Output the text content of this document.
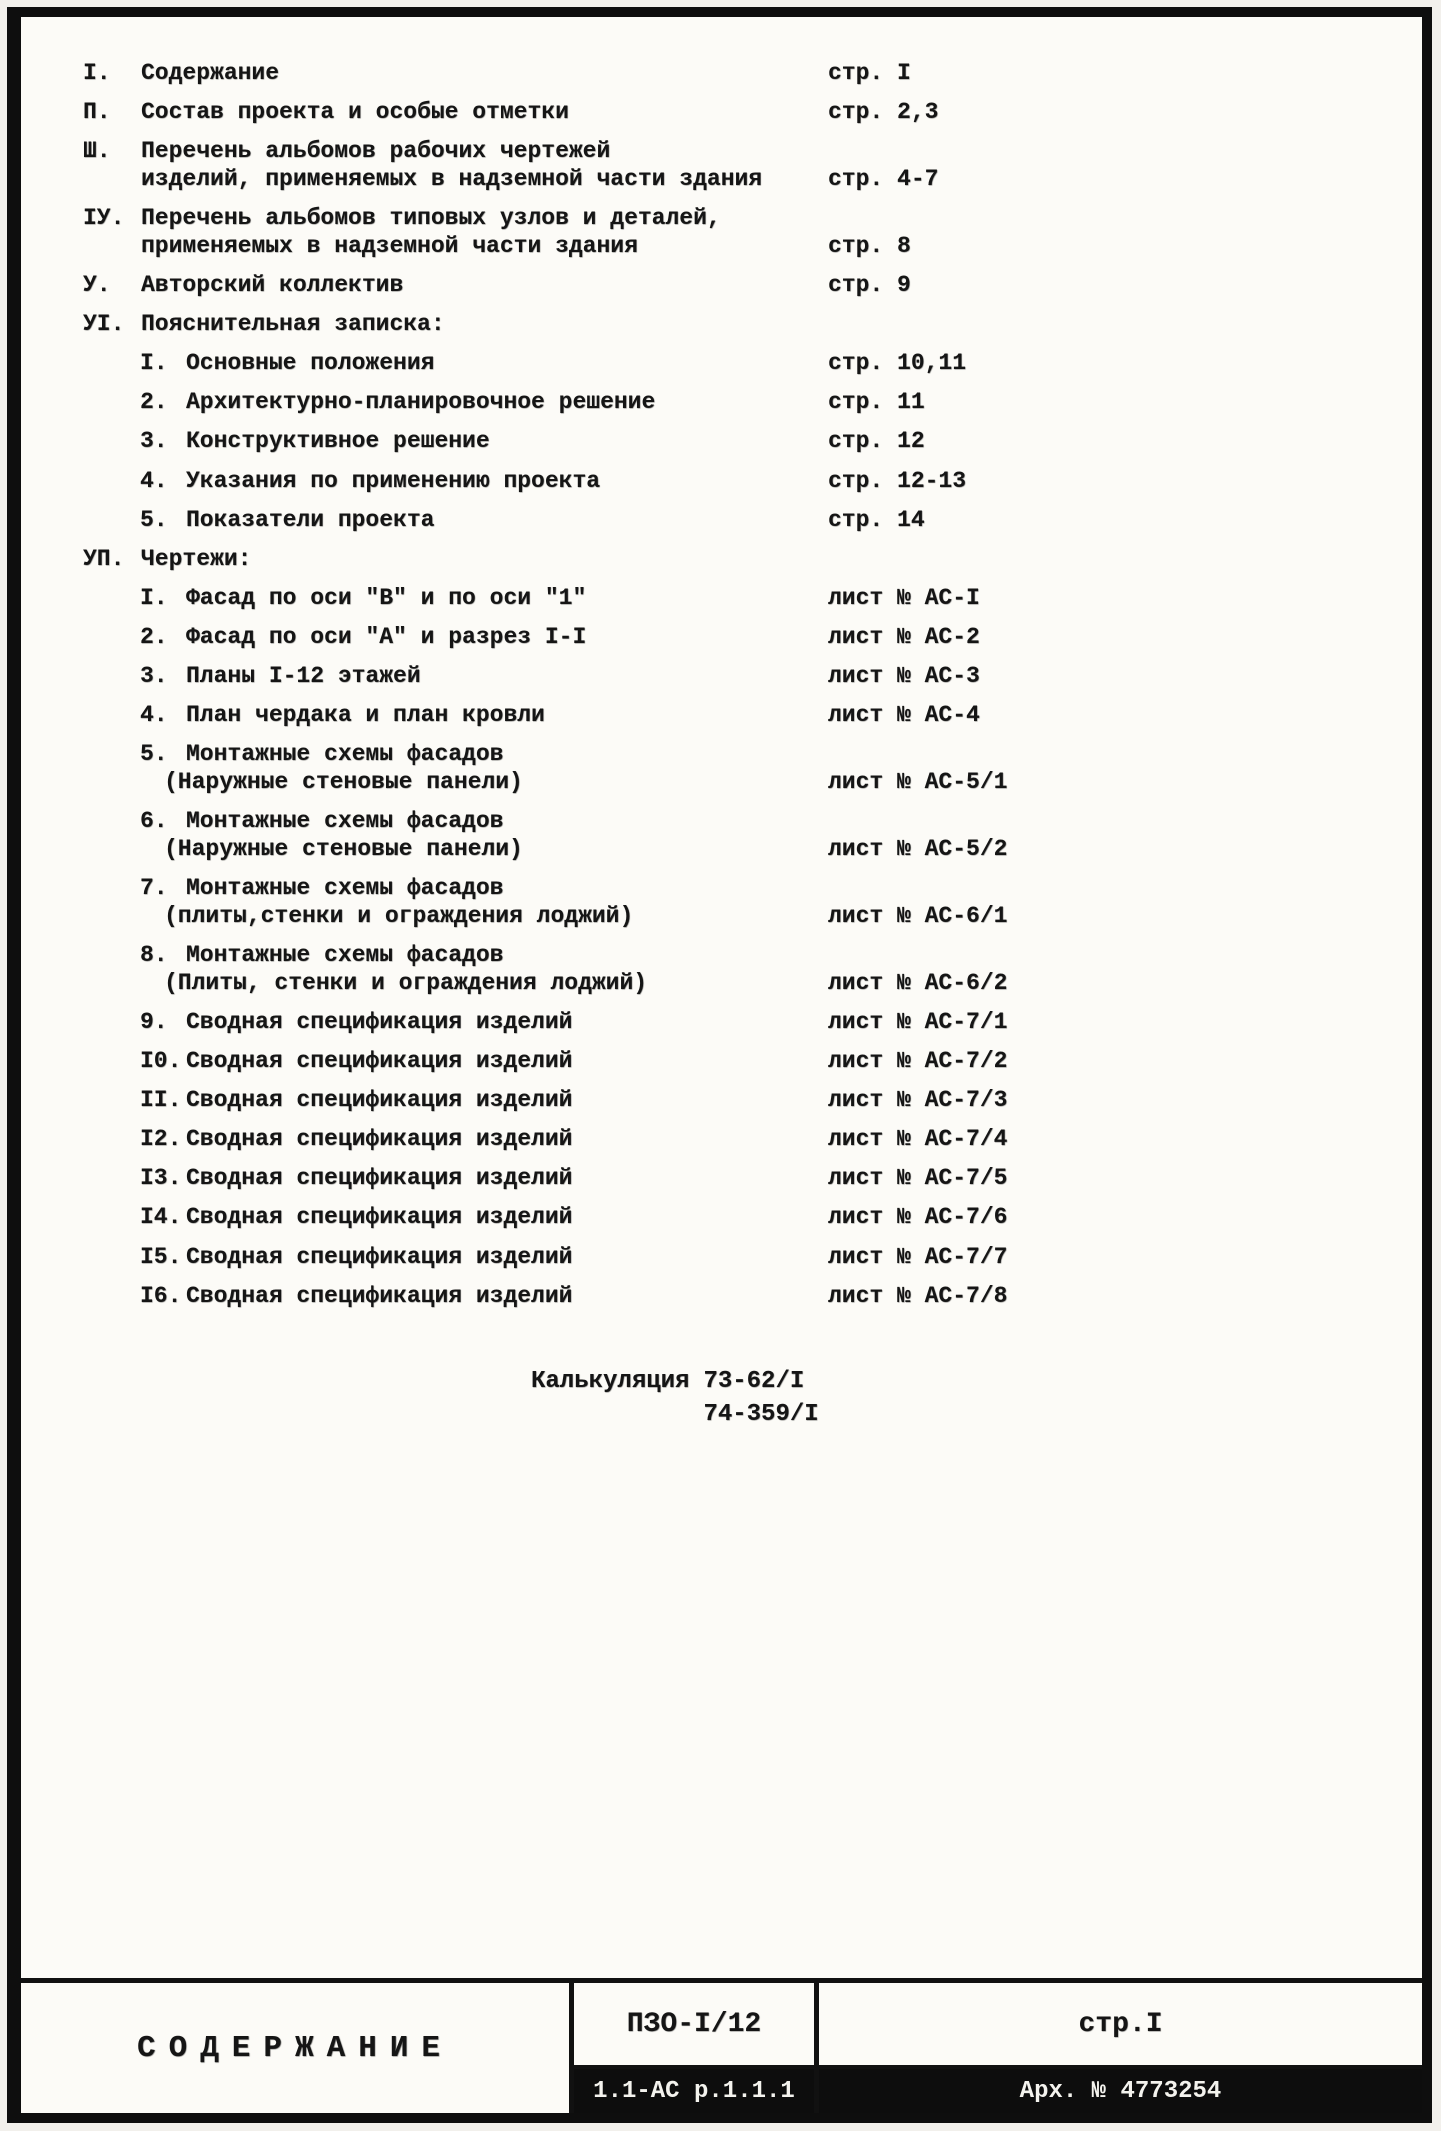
I.	Содержание	стр. I
П.	Состав проекта и особые отметки	стр. 2,3
Ш.	Перечень альбомов рабочих чертежей
изделий, применяемых в надземной части здания	стр. 4-7
IУ. Перечень альбомов типовых узлов и деталей,
применяемых в надземной части здания	стр. 8
У.	Авторский коллектив	стр. 9
УI. Пояснительная записка:
I. Основные положения	стр. 10,11
2. Архитектурно-планировочное решение	стр. 11
3. Конструктивное решение	стр. 12
4. Указания по применению проекта	стр. 12-13
5. Показатели проекта	стр. 14
УП. Чертежи:
I. Фасад по оси "В" и по оси "1"	лист № АС-I
2. Фасад по оси "А" и разрез I-I	лист № АС-2
3. Планы I-12 этажей	лист № АС-3
4. План чердака и план кровли	лист № АС-4
5. Монтажные схемы фасадов
(Наружные стеновые панели)	лист № АС-5/1
6. Монтажные схемы фасадов
(Наружные стеновые панели)	лист № АС-5/2
7. Монтажные схемы фасадов
(плиты,стенки и ограждения лоджий)	лист № АС-6/1
8. Монтажные схемы фасадов
(Плиты, стенки и ограждения лоджий)	лист № АС-6/2
9. Сводная спецификация изделий	лист № АС-7/1
I0. Сводная спецификация изделий	лист № АС-7/2
II. Сводная спецификация изделий	лист № АС-7/3
I2. Сводная спецификация изделий	лист № АС-7/4
I3. Сводная спецификация изделий	лист № АС-7/5
I4. Сводная спецификация изделий	лист № АС-7/6
I5. Сводная спецификация изделий	лист № АС-7/7
I6. Сводная спецификация изделий	лист № АС-7/8
Калькуляция 73-62/I
74-359/I
СОДЕРЖАНИЕ
ПЗО-I/12
1.1-АС р.1.1.1
стр.I
Арх. № 4773254
